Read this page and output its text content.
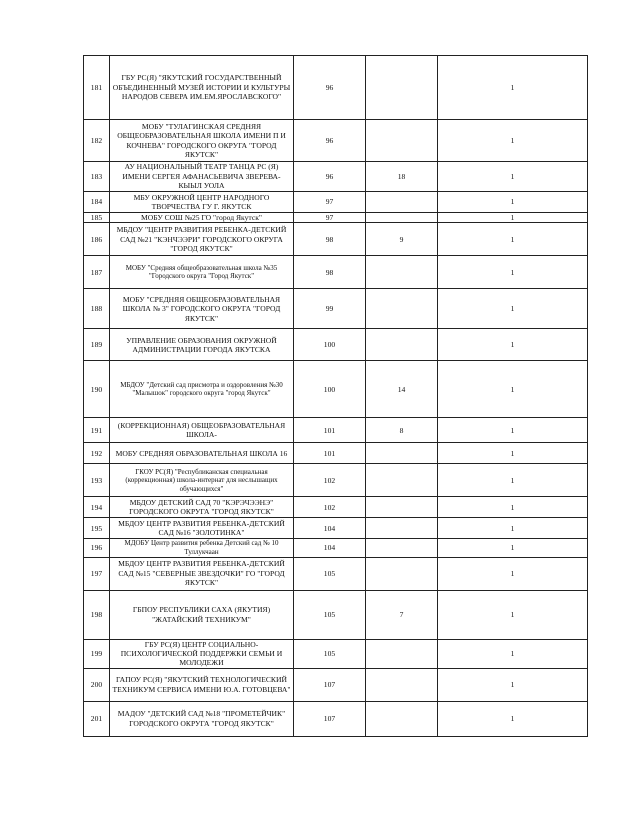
181	ГБУ РС(Я) "ЯКУТСКИЙ ГОСУДАРСТВЕННЫЙ ОБЪЕДИНЕННЫЙ МУЗЕЙ ИСТОРИИ И КУЛЬТУРЫ НАРОДОВ СЕВЕРА ИМ.ЕМ.ЯРОСЛАВСКОГО"	96		1
182	МОБУ "ТУЛАГИНСКАЯ СРЕДНЯЯ ОБЩЕОБРАЗОВАТЕЛЬНАЯ ШКОЛА ИМЕНИ П И КОЧНЕВА" ГОРОДСКОГО ОКРУГА "ГОРОД ЯКУТСК"	96		1
183	АУ НАЦИОНАЛЬНЫЙ ТЕАТР ТАНЦА РС (Я) ИМЕНИ СЕРГЕЯ АФАНАСЬЕВИЧА ЗВЕРЕВА-КЫЫЛ УОЛА	96	18	1
184	МБУ ОКРУЖНОЙ ЦЕНТР НАРОДНОГО ТВОРЧЕСТВА ГУ Г. ЯКУТСК	97		1
185	МОБУ СОШ №25 ГО "город Якутск"	97		1
186	МБДОУ "ЦЕНТР РАЗВИТИЯ РЕБЕНКА-ДЕТСКИЙ САД №21 "КЭНЧЭЭРИ" ГОРОДСКОГО ОКРУГА "ГОРОД ЯКУТСК"	98	9	1
187	МОБУ "Средняя общеобразовательная школа №35 "Городского округа "Город Якутск"	98		1
188	МОБУ "СРЕДНЯЯ ОБЩЕОБРАЗОВАТЕЛЬНАЯ ШКОЛА № 3" ГОРОДСКОГО ОКРУГА "ГОРОД ЯКУТСК"	99		1
189	УПРАВЛЕНИЕ ОБРАЗОВАНИЯ ОКРУЖНОЙ АДМИНИСТРАЦИИ ГОРОДА ЯКУТСКА	100		1
190	МБДОУ "Детский сад присмотра и оздоровления №30 "Малышок" городского округа "город Якутск"	100	14	1
191	(КОРРЕКЦИОННАЯ) ОБЩЕОБРАЗОВАТЕЛЬНАЯ ШКОЛА-	101	8	1
192	МОБУ СРЕДНЯЯ ОБРАЗОВАТЕЛЬНАЯ ШКОЛА 16	101		1
193	ГКОУ РС(Я) "Республиканская специальная (коррекционная) школа-интернат для неслышащих обучающихся"	102		1
194	МБДОУ ДЕТСКИЙ САД 70 "КЭРЭЧЭЭНЭ" ГОРОДСКОГО ОКРУГА "ГОРОД ЯКУТСК"	102		1
195	МБДОУ ЦЕНТР РАЗВИТИЯ РЕБЕНКА-ДЕТСКИЙ САД №16 "ЗОЛОТИНКА"	104		1
196	МДОБУ Центр развития ребенка Детский сад № 10 Туллукчаан	104		1
197	МБДОУ ЦЕНТР РАЗВИТИЯ РЕБЕНКА-ДЕТСКИЙ САД №15 "СЕВЕРНЫЕ ЗВЕЗДОЧКИ" ГО "ГОРОД ЯКУТСК"	105		1
198	ГБПОУ РЕСПУБЛИКИ САХА (ЯКУТИЯ) "ЖАТАЙСКИЙ ТЕХНИКУМ"	105	7	1
199	ГБУ РС(Я) ЦЕНТР СОЦИАЛЬНО-ПСИХОЛОГИЧЕСКОЙ ПОДДЕРЖКИ СЕМЬИ И МОЛОДЕЖИ	105		1
200	ГАПОУ РС(Я) "ЯКУТСКИЙ ТЕХНОЛОГИЧЕСКИЙ ТЕХНИКУМ СЕРВИСА ИМЕНИ Ю.А. ГОТОВЦЕВА"	107		1
201	МАДОУ "ДЕТСКИЙ САД №18 "ПРОМЕТЕЙЧИК" ГОРОДСКОГО ОКРУГА "ГОРОД ЯКУТСК"	107		1
